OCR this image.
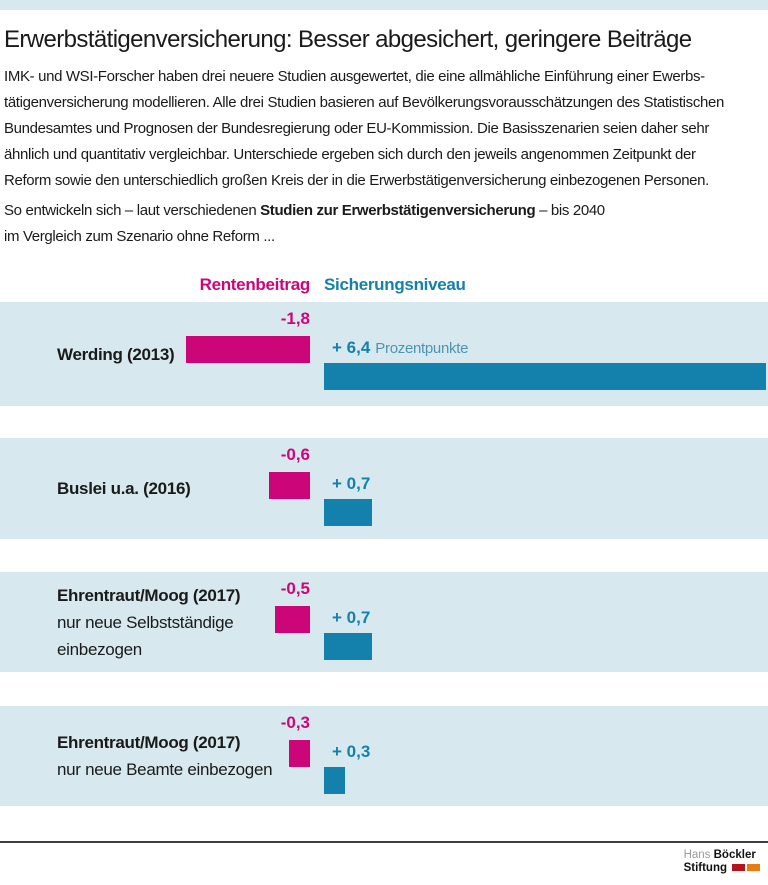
Erwerbstätigenversicherung: Besser abgesichert, geringere Beiträge
IMK- und WSI-Forscher haben drei neuere Studien ausgewertet, die eine allmähliche Einführung einer Ewerbs-
tätigenversicherung modellieren. Alle drei Studien basieren auf Bevölkerungsvorausschätzungen des Statistischen
Bundesamtes und Prognosen der Bundesregierung oder EU-Kommission. Die Basisszenarien seien daher sehr
ähnlich und quantitativ vergleichbar. Unterschiede ergeben sich durch den jeweils angenommen Zeitpunkt der
Reform sowie den unterschiedlich großen Kreis der in die Erwerbstätigenversicherung einbezogenen Personen.
So entwickeln sich – laut verschiedenen Studien zur Erwerbstätigenversicherung – bis 2040
im Vergleich zum Szenario ohne Reform ...
Rentenbeitrag Sicherungsniveau
Werding (2013)
-1,8
+ 6,4 Prozentpunkte
Buslei u.a. (2016)
-0,6
+ 0,7
Ehrentraut/Moog (2017)
nur neue Selbstständige
einbezogen
-0,5
+ 0,7
Ehrentraut/Moog (2017)
nur neue Beamte einbezogen
-0,3
+ 0,3
Hans Böckler
Stiftung
